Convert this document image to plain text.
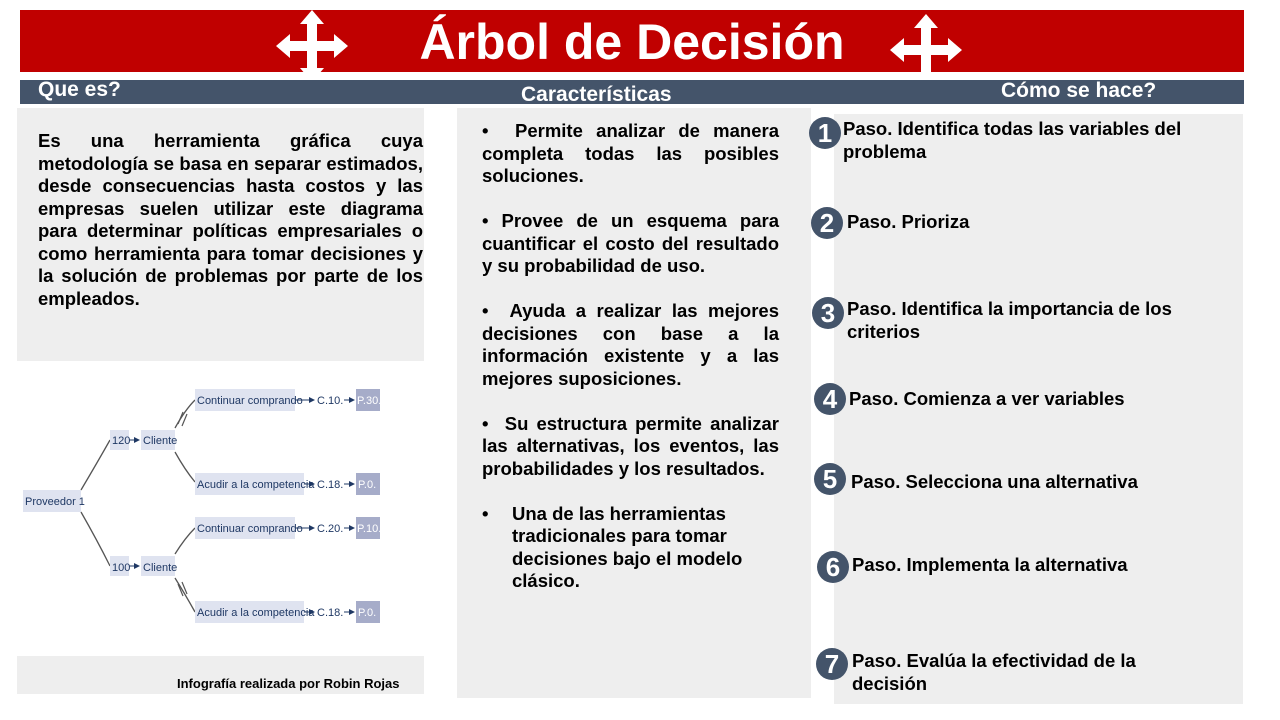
Árbol de Decisión
Que es?	Características	Cómo se hace?
Es una herramienta gráfica cuya metodología se basa en separar estimados, desde consecuencias hasta costos y las empresas suelen utilizar este diagrama para determinar políticas empresariales o como herramienta para tomar decisiones y la solución de problemas por parte de los empleados.
Proveedor 1
120
100
Cliente
Cliente
Continuar comprando
Acudir a la competencia
Continuar comprando
Acudir a la competencia
C.10.
C.18.
C.20.
C.18.
P.30.
P.0.
P.10.
P.0.
Infografía realizada por Robin Rojas
•  Permite analizar de manera completa todas las posibles soluciones.
• Provee de un esquema para cuantificar el costo del resultado y su probabilidad de uso.
•  Ayuda a realizar las mejores decisiones con base a la información existente y a las mejores suposiciones.
•  Su estructura permite analizar las alternativas, los eventos, las probabilidades y los resultados.
•	Una de las herramientas tradicionales para tomar decisiones bajo el modelo clásico.
1 Paso. Identifica todas las variables del problema
2 Paso. Prioriza
3 Paso. Identifica la importancia de los criterios
4 Paso. Comienza a ver variables
5 Paso. Selecciona una alternativa
6 Paso. Implementa la alternativa
7 Paso. Evalúa la efectividad de la decisión
